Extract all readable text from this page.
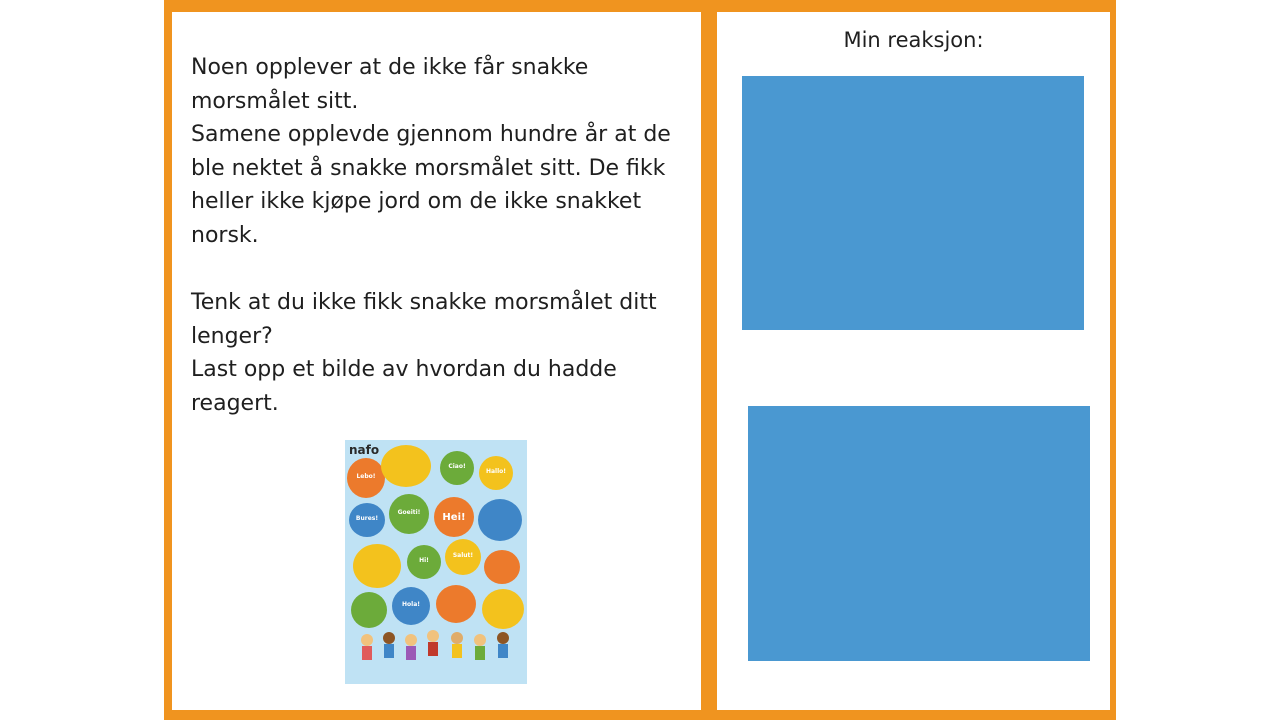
Noen opplever at de ikke får snakke morsmålet sitt.

Samene opplevde gjennom hundre år at de ble nektet å snakke morsmålet sitt. De fikk heller ikke kjøpe jord om de ikke snakket norsk.

Tenk at du ikke fikk snakke morsmålet ditt lenger?

Last opp et bilde av hvordan du hadde reagert.

nafo
Lebo!
Ciao!
Hallo!
Bures!
Goeiti! Hei!
Hi!
Salut!
Hola!
Min reaksjon:
